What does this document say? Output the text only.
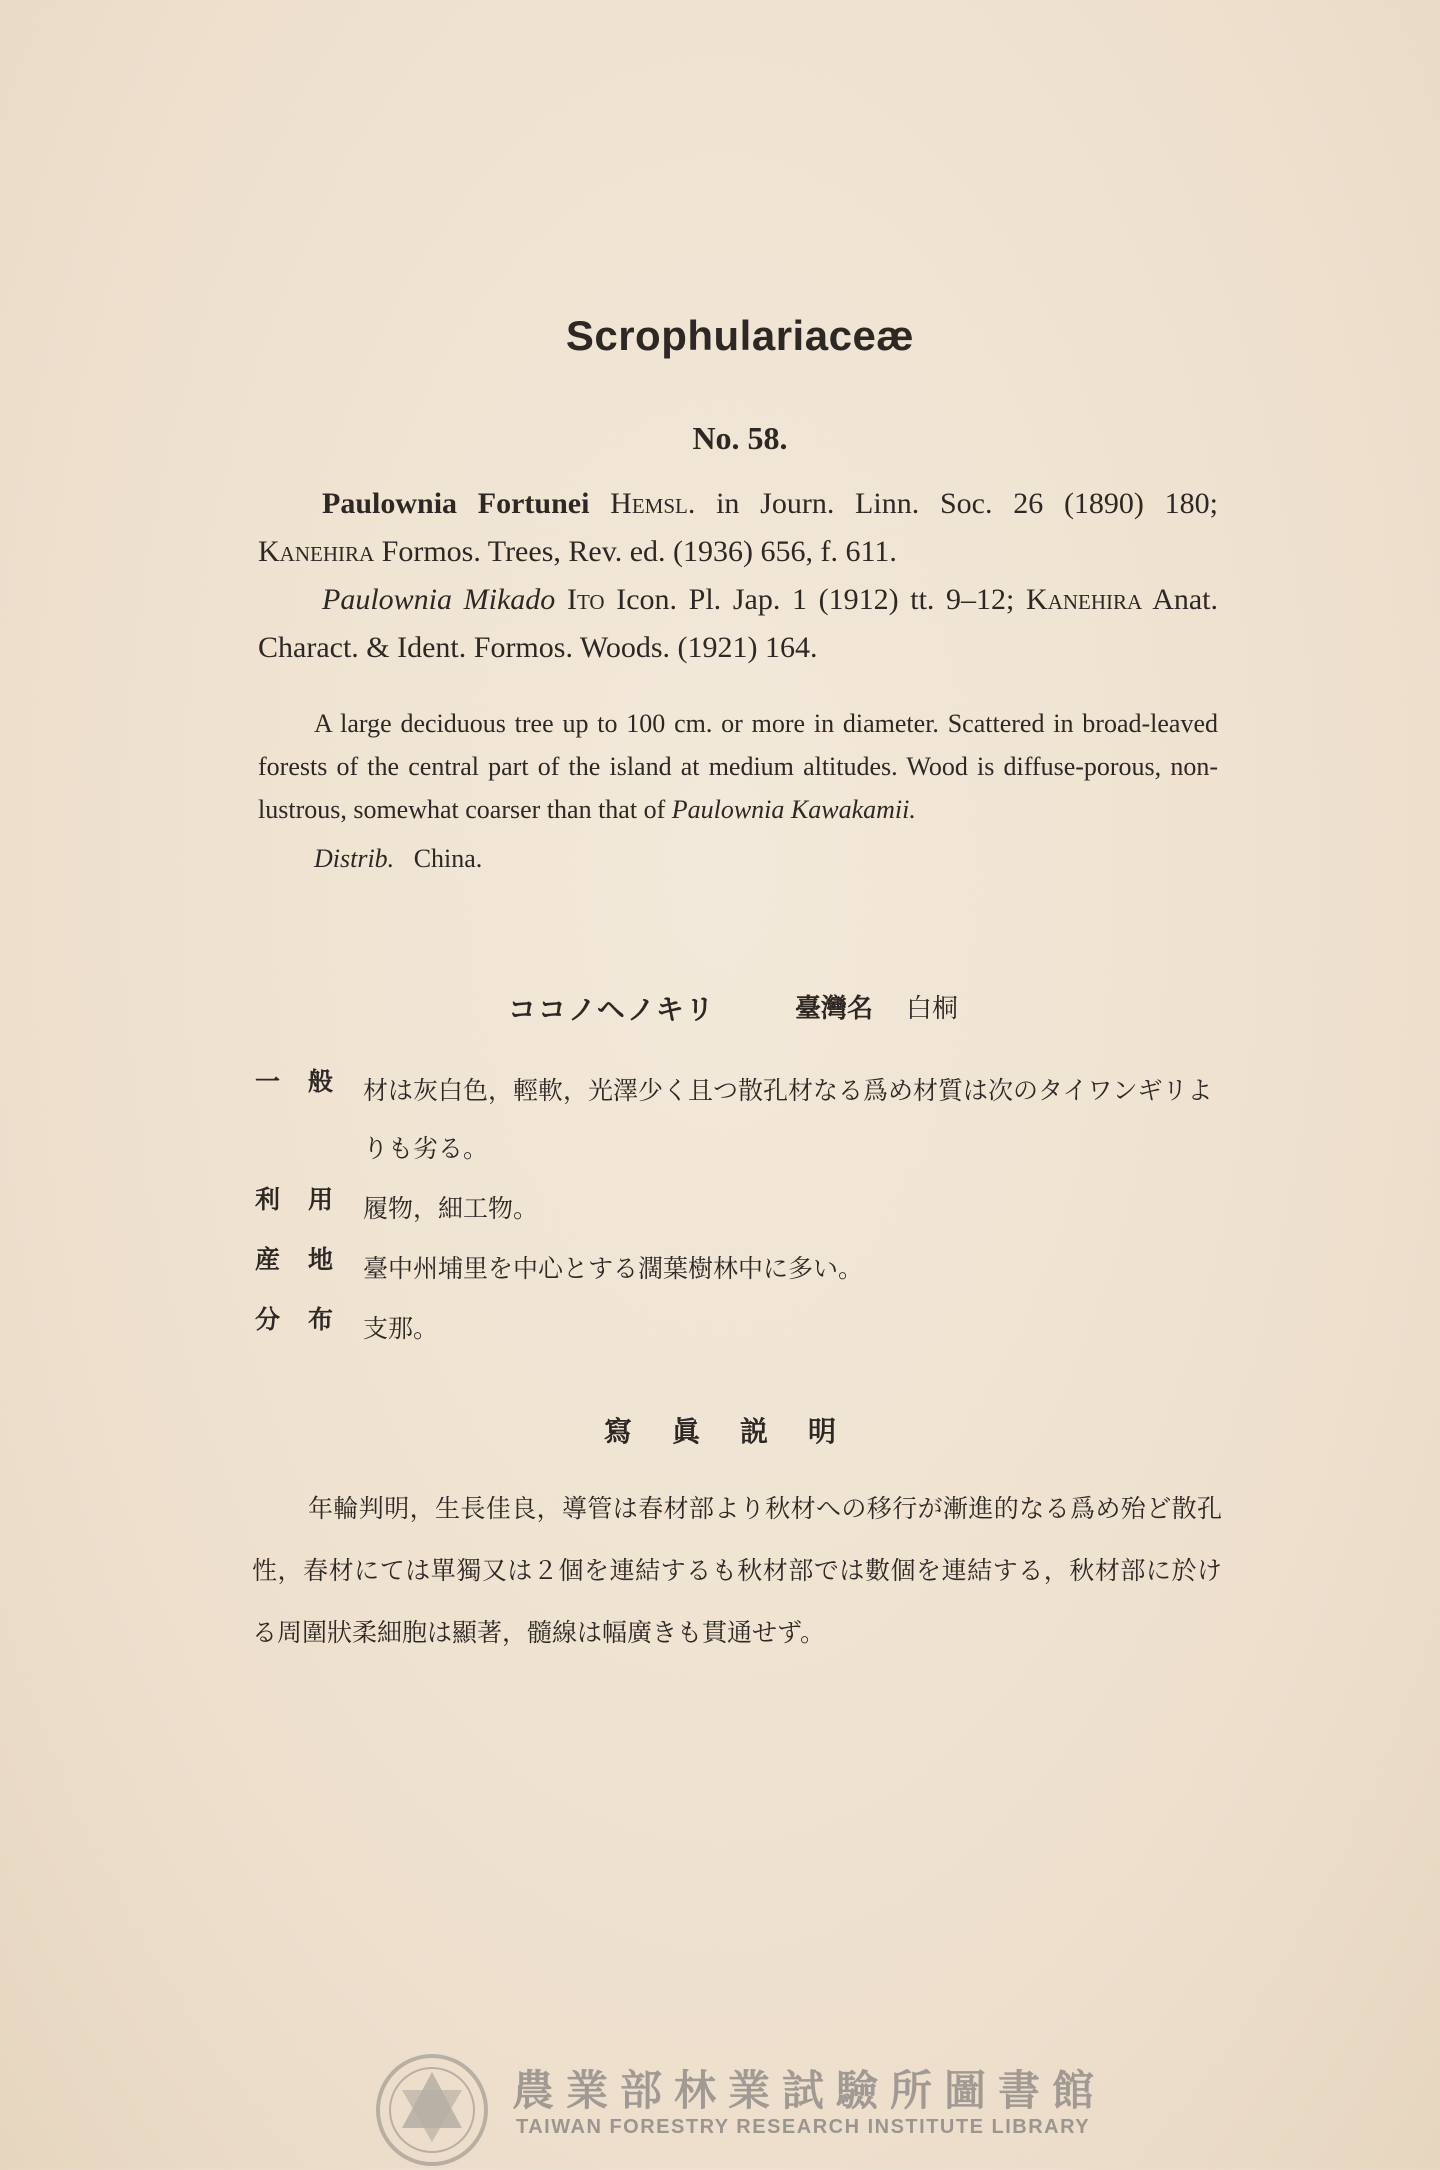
Scrophulariaceæ
No. 58.

Paulownia Fortunei Hemsl. in Journ. Linn. Soc. 26 (1890) 180; Kanehira Formos. Trees, Rev. ed. (1936) 656, f. 611.

Paulownia Mikado Ito Icon. Pl. Jap. 1 (1912) tt. 9–12; Kanehira Anat. Charact. & Ident. Formos. Woods. (1921) 164.

A large deciduous tree up to 100 cm. or more in diameter. Scattered in broad-leaved forests of the central part of the island at medium altitudes. Wood is diffuse-porous, non-lustrous, somewhat coarser than that of Paulownia Kawakamii.

Distrib. China.

ココノヘノキリ	臺灣名 白桐
一般 材は灰白色，輕軟，光澤少く且つ散孔材なる爲め材質は次のタイワンギリよりも劣る。
利用 履物，細工物。
産地 臺中州埔里を中心とする濶葉樹林中に多い。
分布 支那。
寫眞説明

年輪判明，生長佳良，導管は春材部より秋材への移行が漸進的なる爲め殆ど散孔性，春材にては單獨又は２個を連結するも秋材部では數個を連結する，秋材部に於ける周圍狀柔細胞は顯著，髓線は幅廣きも貫通せず。

農業部林業試驗所圖書館
TAIWAN FORESTRY RESEARCH INSTITUTE LIBRARY
